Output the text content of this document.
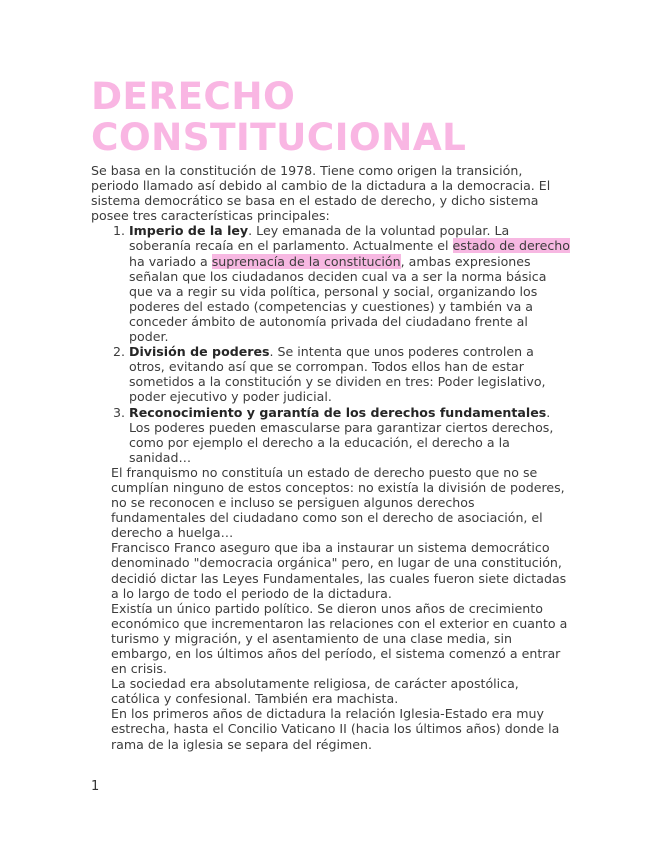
DERECHO
CONSTITUCIONAL

Se basa en la constitución de 1978. Tiene como origen la transición, periodo llamado así debido al cambio de la dictadura a la democracia. El sistema democrático se basa en el estado de derecho, y dicho sistema posee tres características principales:

1. Imperio de la ley. Ley emanada de la voluntad popular. La soberanía recaía en el parlamento. Actualmente el estado de derecho ha variado a supremacía de la constitución, ambas expresiones señalan que los ciudadanos deciden cual va a ser la norma básica que va a regir su vida política, personal y social, organizando los poderes del estado (competencias y cuestiones) y también va a conceder ámbito de autonomía privada del ciudadano frente al poder.
2. División de poderes. Se intenta que unos poderes controlen a otros, evitando así que se corrompan. Todos ellos han de estar sometidos a la constitución y se dividen en tres: Poder legislativo, poder ejecutivo y poder judicial.
3. Reconocimiento y garantía de los derechos fundamentales. Los poderes pueden emascularse para garantizar ciertos derechos, como por ejemplo el derecho a la educación, el derecho a la sanidad…

El franquismo no constituía un estado de derecho puesto que no se cumplían ninguno de estos conceptos: no existía la división de poderes, no se reconocen e incluso se persiguen algunos derechos fundamentales del ciudadano como son el derecho de asociación, el derecho a huelga…

Francisco Franco aseguro que iba a instaurar un sistema democrático denominado "democracia orgánica" pero, en lugar de una constitución, decidió dictar las Leyes Fundamentales, las cuales fueron siete dictadas a lo largo de todo el periodo de la dictadura.

Existía un único partido político. Se dieron unos años de crecimiento económico que incrementaron las relaciones con el exterior en cuanto a turismo y migración, y el asentamiento de una clase media, sin embargo, en los últimos años del período, el sistema comenzó a entrar en crisis.

La sociedad era absolutamente religiosa, de carácter apostólica, católica y confesional. También era machista.

En los primeros años de dictadura la relación Iglesia-Estado era muy estrecha, hasta el Concilio Vaticano II (hacia los últimos años) donde la rama de la iglesia se separa del régimen.

1
